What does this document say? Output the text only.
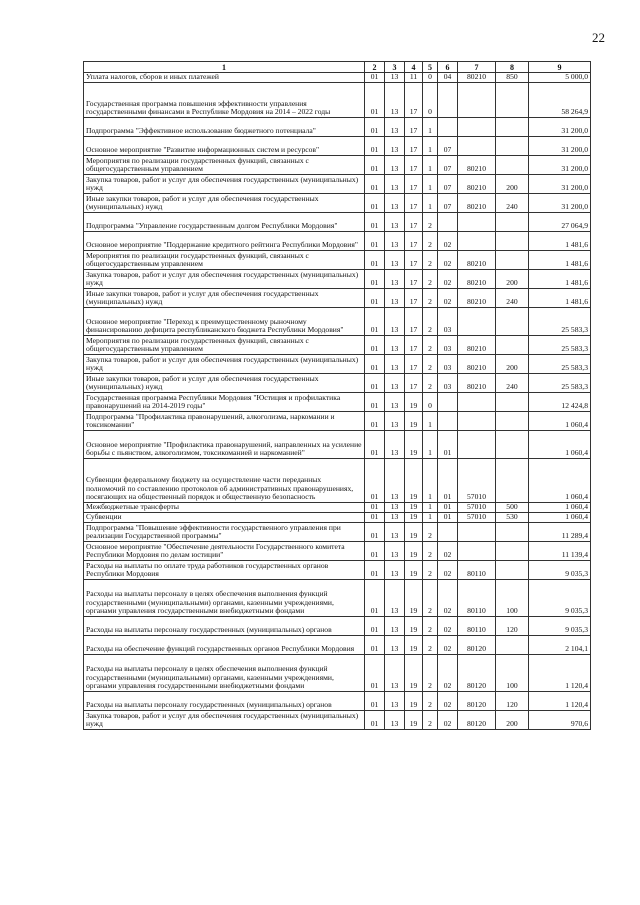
22
1	2	3	4	5	6	7	8	9
Уплата налогов, сборов и иных платежей	01	13	11	0	04	80210	850	5 000,0
Государственная программа повышения эффективности управления государственными финансами в Республике Мордовия на 2014 – 2022 годы	01	13	17	0				58 264,9
Подпрограмма "Эффективное использование бюджетного потенциала"	01	13	17	1				31 200,0
Основное мероприятие "Развитие информационных систем и ресурсов"	01	13	17	1	07			31 200,0
Мероприятия по реализации государственных функций, связанных с общегосударственным управлением	01	13	17	1	07	80210		31 200,0
Закупка товаров, работ и услуг для обеспечения государственных (муниципальных) нужд	01	13	17	1	07	80210	200	31 200,0
Иные закупки товаров, работ и услуг для обеспечения государственных (муниципальных) нужд	01	13	17	1	07	80210	240	31 200,0
Подпрограмма "Управление государственным долгом Республики Мордовия"	01	13	17	2				27 064,9
Основное мероприятие "Поддержание кредитного рейтинга Республики Мордовия"	01	13	17	2	02			1 481,6
Мероприятия по реализации государственных функций, связанных с общегосударственным управлением	01	13	17	2	02	80210		1 481,6
Закупка товаров, работ и услуг для обеспечения государственных (муниципальных) нужд	01	13	17	2	02	80210	200	1 481,6
Иные закупки товаров, работ и услуг для обеспечения государственных (муниципальных) нужд	01	13	17	2	02	80210	240	1 481,6
Основное мероприятие "Переход к преимущественному рыночному финансированию дефицита республиканского бюджета Республики Мордовия"	01	13	17	2	03			25 583,3
Мероприятия по реализации государственных функций, связанных с общегосударственным управлением	01	13	17	2	03	80210		25 583,3
Закупка товаров, работ и услуг для обеспечения государственных (муниципальных) нужд	01	13	17	2	03	80210	200	25 583,3
Иные закупки товаров, работ и услуг для обеспечения государственных (муниципальных) нужд	01	13	17	2	03	80210	240	25 583,3
Государственная программа Республики Мордовия "Юстиция и профилактика правонарушений на 2014-2019 годы"	01	13	19	0				12 424,8
Подпрограмма "Профилактика правонарушений, алкоголизма, наркомании и токсикомании"	01	13	19	1				1 060,4
Основное мероприятие "Профилактика правонарушений, направленных на усиление борьбы с пьянством, алкоголизмом, токсикоманией и наркоманией"	01	13	19	1	01			1 060,4
Субвенции федеральному бюджету на осуществление части переданных полномочий по составлению протоколов об административных правонарушениях, посягающих на общественный порядок и общественную безопасность	01	13	19	1	01	57010		1 060,4
Межбюджетные трансферты	01	13	19	1	01	57010	500	1 060,4
Субвенции	01	13	19	1	01	57010	530	1 060,4
Подпрограмма "Повышение эффективности государственного управления при реализации Государственной программы"	01	13	19	2				11 289,4
Основное мероприятие "Обеспечение деятельности Государственного комитета Республики Мордовия по делам юстиции"	01	13	19	2	02			11 139,4
Расходы на выплаты по оплате труда работников государственных органов Республики Мордовия	01	13	19	2	02	80110		9 035,3
Расходы на выплаты персоналу в целях обеспечения выполнения функций государственными (муниципальными) органами, казенными учреждениями, органами управления государственными внебюджетными фондами	01	13	19	2	02	80110	100	9 035,3
Расходы на выплаты персоналу государственных (муниципальных) органов	01	13	19	2	02	80110	120	9 035,3
Расходы на обеспечение функций государственных органов Республики Мордовия	01	13	19	2	02	80120		2 104,1
Расходы на выплаты персоналу в целях обеспечения выполнения функций государственными (муниципальными) органами, казенными учреждениями, органами управления государственными внебюджетными фондами	01	13	19	2	02	80120	100	1 120,4
Расходы на выплаты персоналу государственных (муниципальных) органов	01	13	19	2	02	80120	120	1 120,4
Закупка товаров, работ и услуг для обеспечения государственных (муниципальных) нужд	01	13	19	2	02	80120	200	970,6
